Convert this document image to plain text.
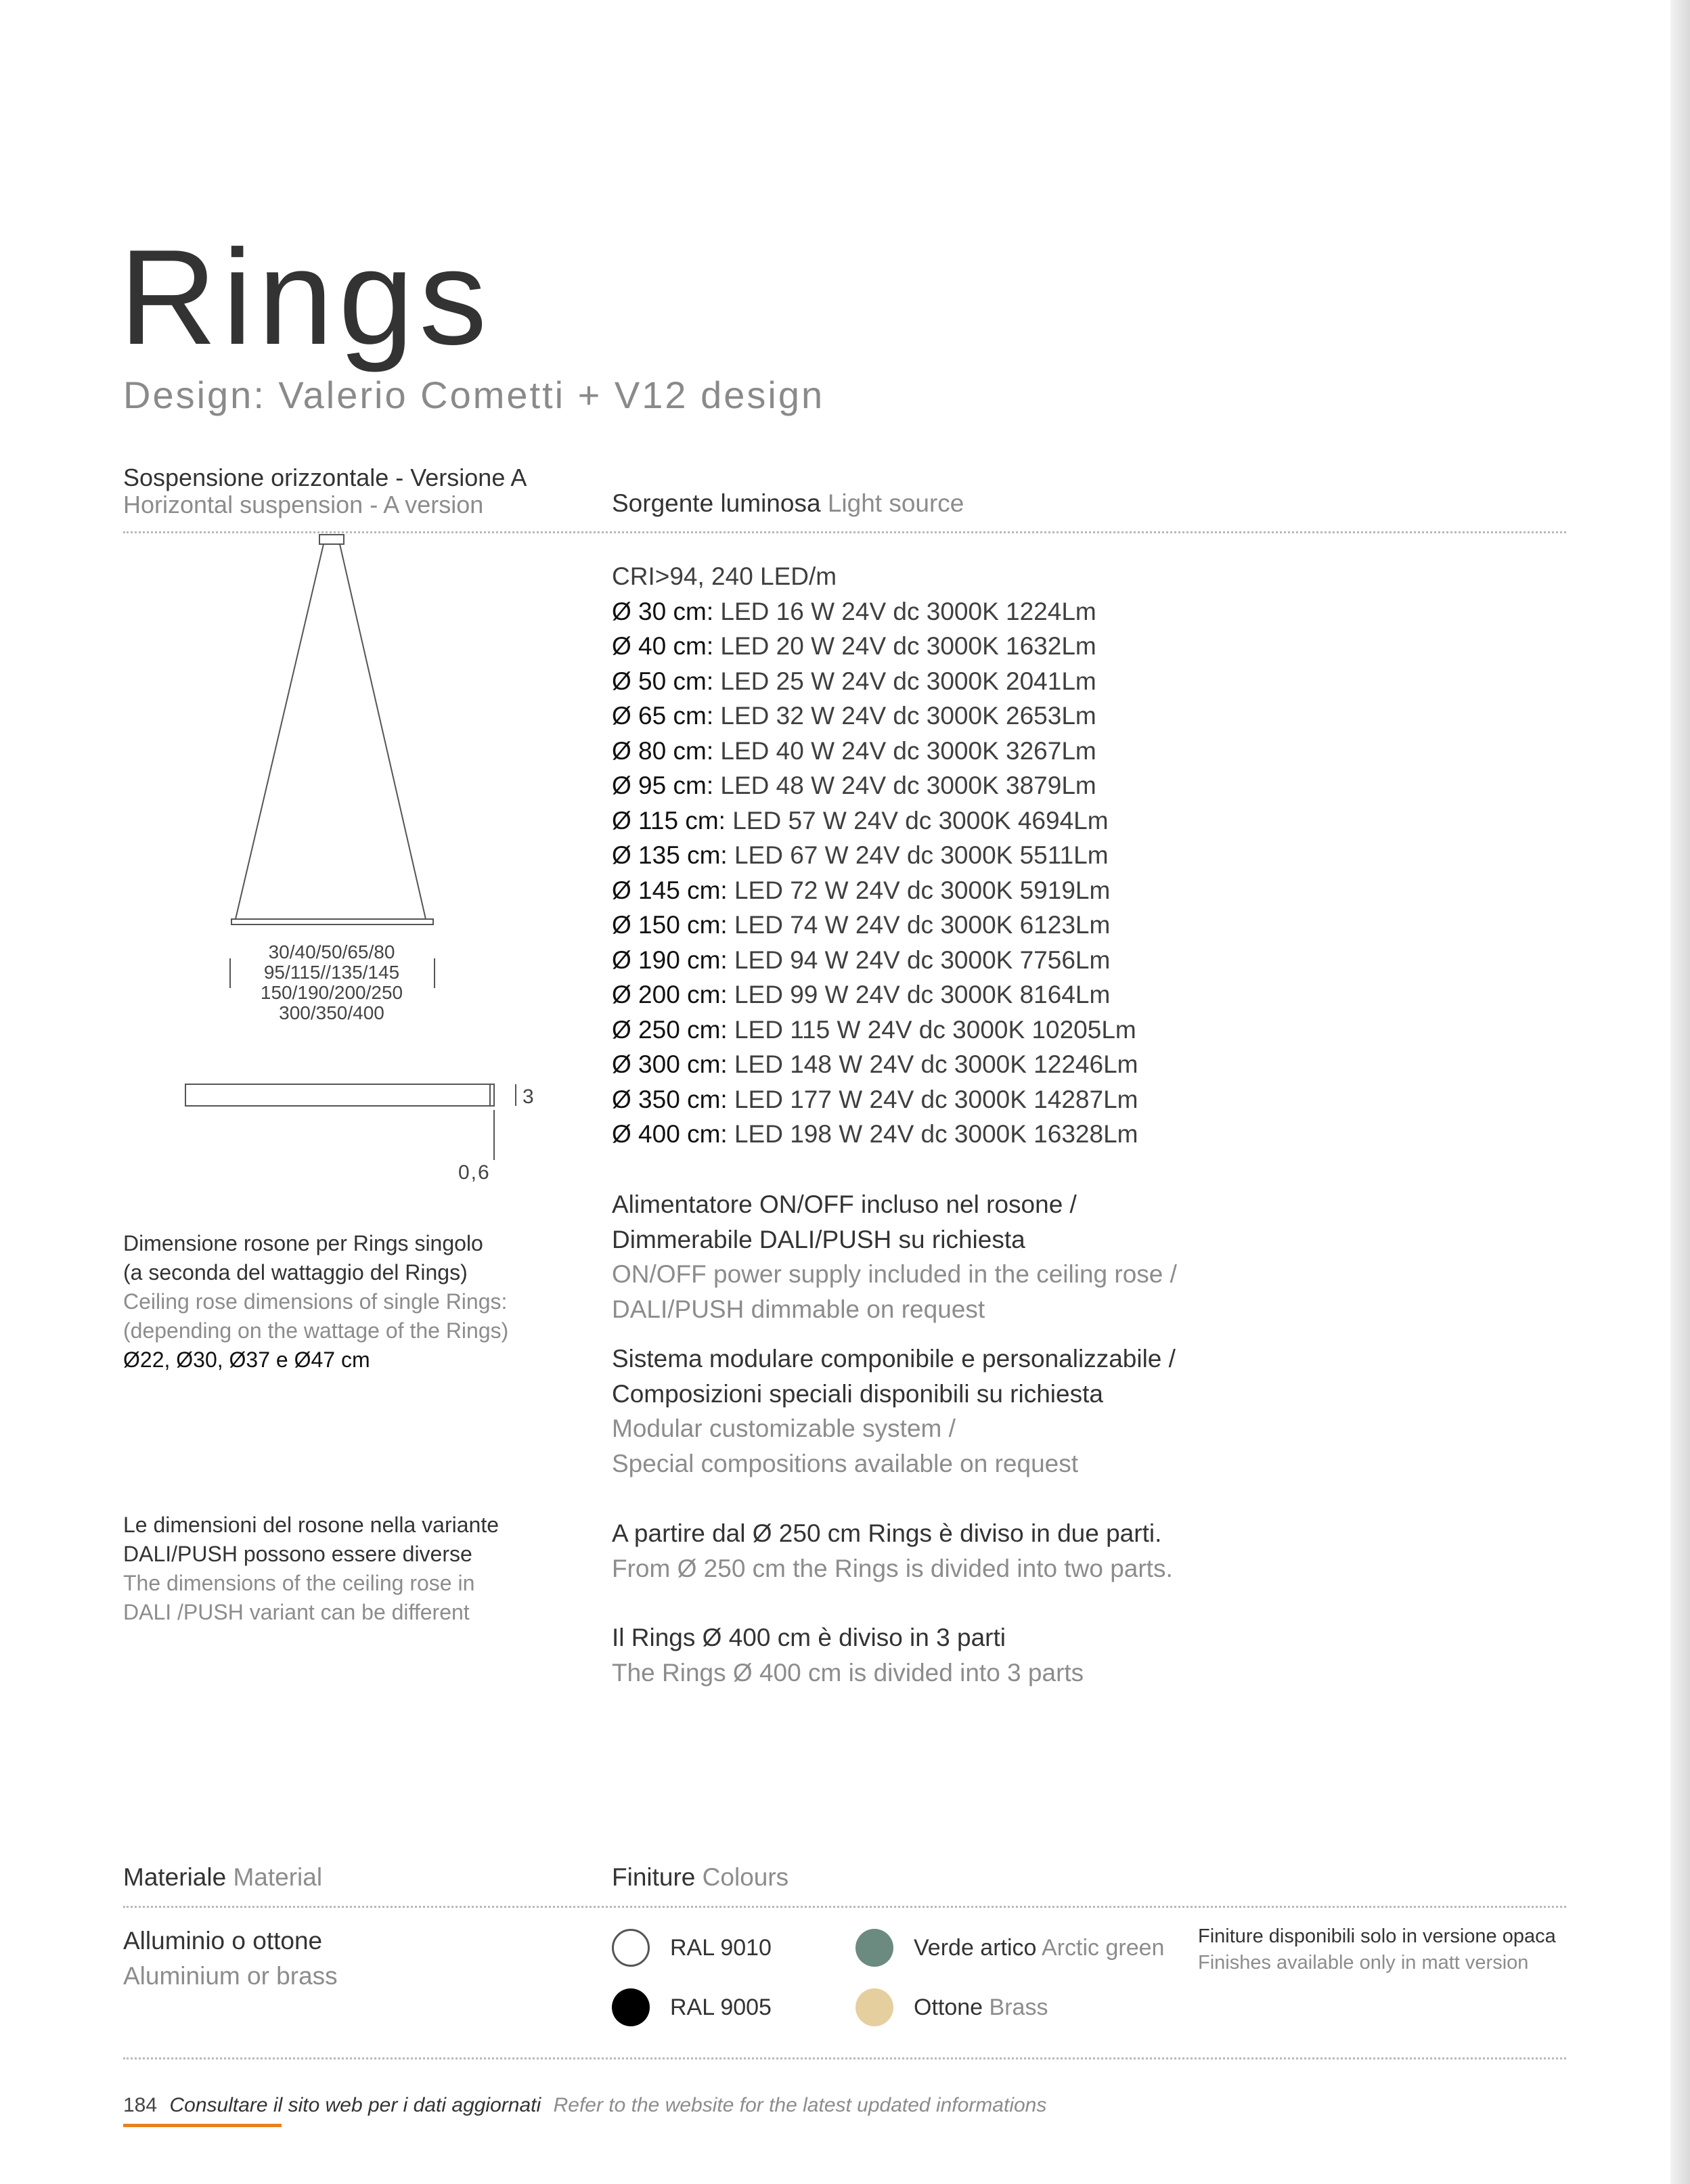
Rings
Design: Valerio Cometti + V12 design
Sospensione orizzontale - Versione A
Horizontal suspension - A version	Sorgente luminosa Light source
30/40/50/65/80
95/115//135/145
150/190/200/250
300/350/400
3
0,6
Dimensione rosone per Rings singolo
(a seconda del wattaggio del Rings)
Ceiling rose dimensions of single Rings:
(depending on the wattage of the Rings)
Ø22, Ø30, Ø37 e Ø47 cm
Le dimensioni del rosone nella variante
DALI/PUSH possono essere diverse
The dimensions of the ceiling rose in
DALI /PUSH variant can be different
CRI>94, 240 LED/m
Ø 30 cm: LED 16 W 24V dc 3000K 1224Lm
Ø 40 cm: LED 20 W 24V dc 3000K 1632Lm
Ø 50 cm: LED 25 W 24V dc 3000K 2041Lm
Ø 65 cm: LED 32 W 24V dc 3000K 2653Lm
Ø 80 cm: LED 40 W 24V dc 3000K 3267Lm
Ø 95 cm: LED 48 W 24V dc 3000K 3879Lm
Ø 115 cm: LED 57 W 24V dc 3000K 4694Lm
Ø 135 cm: LED 67 W 24V dc 3000K 5511Lm
Ø 145 cm: LED 72 W 24V dc 3000K 5919Lm
Ø 150 cm: LED 74 W 24V dc 3000K 6123Lm
Ø 190 cm: LED 94 W 24V dc 3000K 7756Lm
Ø 200 cm: LED 99 W 24V dc 3000K 8164Lm
Ø 250 cm: LED 115 W 24V dc 3000K 10205Lm
Ø 300 cm: LED 148 W 24V dc 3000K 12246Lm
Ø 350 cm: LED 177 W 24V dc 3000K 14287Lm
Ø 400 cm: LED 198 W 24V dc 3000K 16328Lm
Alimentatore ON/OFF incluso nel rosone /
Dimmerabile DALI/PUSH su richiesta
ON/OFF power supply included in the ceiling rose /
DALI/PUSH dimmable on request
Sistema modulare componibile e personalizzabile /
Composizioni speciali disponibili su richiesta
Modular customizable system /
Special compositions available on request
A partire dal Ø 250 cm Rings è diviso in due parti.
From Ø 250 cm the Rings is divided into two parts.
Il Rings Ø 400 cm è diviso in 3 parti
The Rings Ø 400 cm is divided into 3 parts
Materiale Material	Finiture Colours
Alluminio o ottone
Aluminium or brass
RAL 9010
RAL 9005
Verde artico Arctic green
Ottone Brass
Finiture disponibili solo in versione opaca
Finishes available only in matt version
184 Consultare il sito web per i dati aggiornati Refer to the website for the latest updated informations
